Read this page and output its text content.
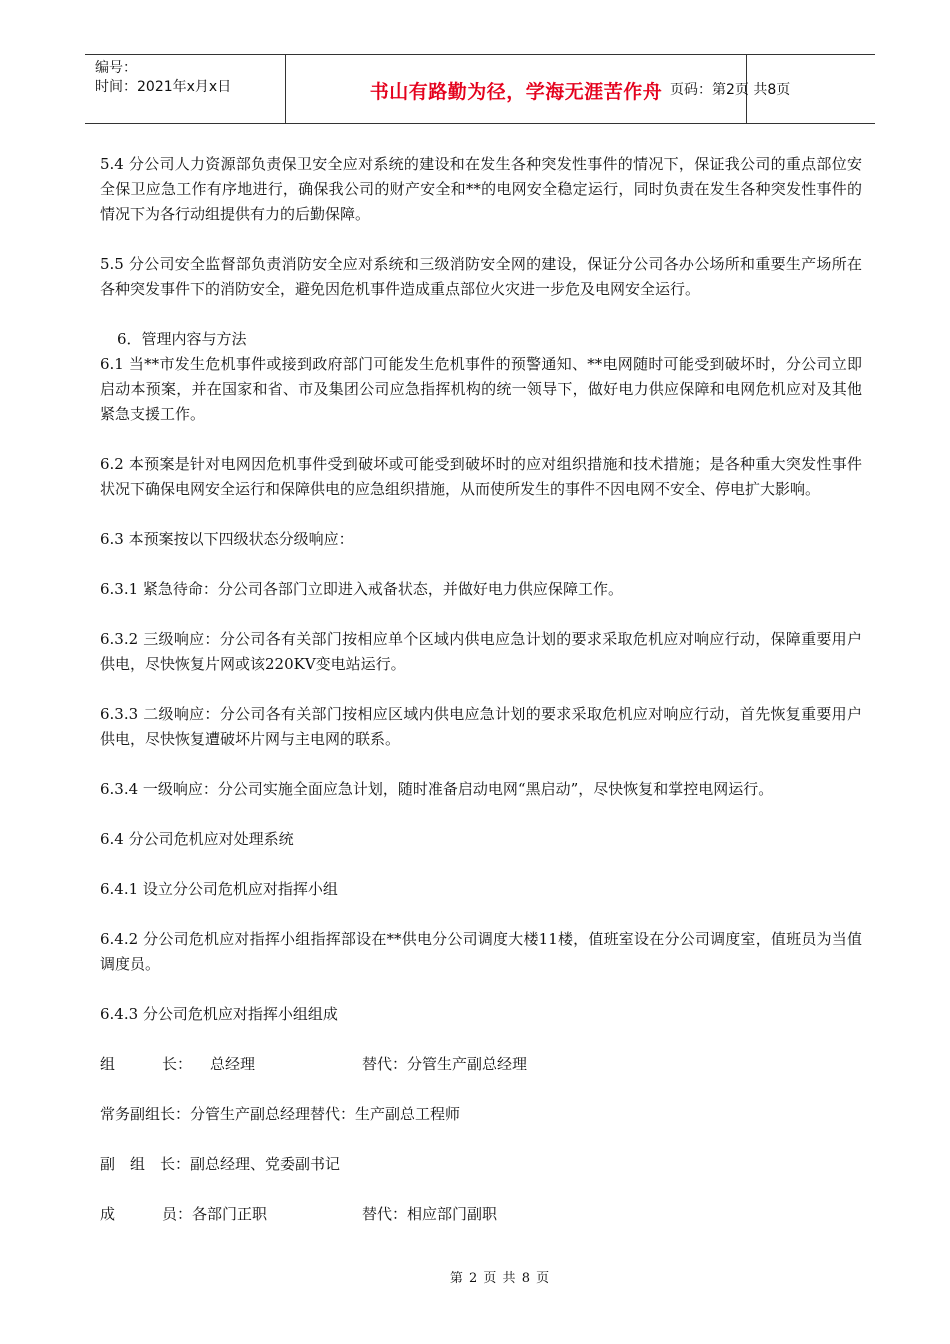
编号：
时间：2021年x月x日	书山有路勤为径，学海无涯苦作舟 页码：第2页 共8页

5.4 分公司人力资源部负责保卫安全应对系统的建设和在发生各种突发性事件的情况下，保证我公司的重点部位安全保卫应急工作有序地进行，确保我公司的财产安全和**的电网安全稳定运行，同时负责在发生各种突发性事件的情况下为各行动组提供有力的后勤保障。

5.5 分公司安全监督部负责消防安全应对系统和三级消防安全网的建设，保证分公司各办公场所和重要生产场所在各种突发事件下的消防安全，避免因危机事件造成重点部位火灾进一步危及电网安全运行。

6．管理内容与方法

6.1 当**市发生危机事件或接到政府部门可能发生危机事件的预警通知、**电网随时可能受到破坏时，分公司立即启动本预案，并在国家和省、市及集团公司应急指挥机构的统一领导下，做好电力供应保障和电网危机应对及其他紧急支援工作。

6.2 本预案是针对电网因危机事件受到破坏或可能受到破坏时的应对组织措施和技术措施；是各种重大突发性事件状况下确保电网安全运行和保障供电的应急组织措施，从而使所发生的事件不因电网不安全、停电扩大影响。

6.3 本预案按以下四级状态分级响应：

6.3.1 紧急待命：分公司各部门立即进入戒备状态，并做好电力供应保障工作。

6.3.2 三级响应：分公司各有关部门按相应单个区域内供电应急计划的要求采取危机应对响应行动，保障重要用户供电，尽快恢复片网或该220KV变电站运行。

6.3.3 二级响应：分公司各有关部门按相应区域内供电应急计划的要求采取危机应对响应行动，首先恢复重要用户供电，尽快恢复遭破坏片网与主电网的联系。

6.3.4 一级响应：分公司实施全面应急计划，随时准备启动电网“黑启动”，尽快恢复和掌控电网运行。

6.4 分公司危机应对处理系统

6.4.1 设立分公司危机应对指挥小组

6.4.2 分公司危机应对指挥小组指挥部设在**供电分公司调度大楼11楼，值班室设在分公司调度室，值班员为当值调度员。

6.4.3 分公司危机应对指挥小组组成

组	长： 总经理	替代：分管生产副总经理
常务副组长：分管生产副总经理替代：生产副总工程师
副　组　长：副总经理、党委副书记
成	员：各部门正职	替代：相应部门副职
第 2 页 共 8 页
